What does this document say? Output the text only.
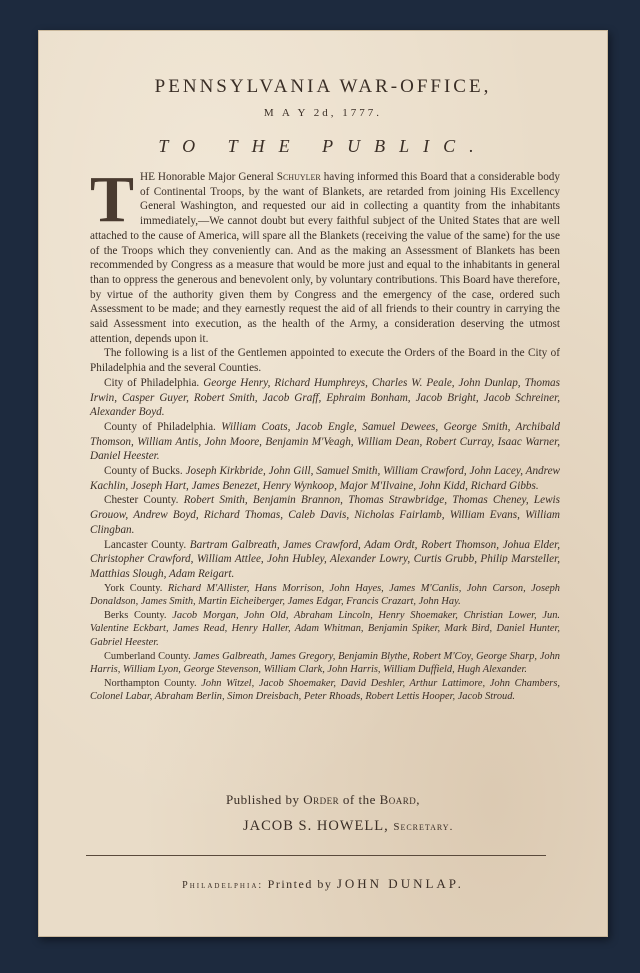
PENNSYLVANIA WAR-OFFICE,
M A Y 2d, 1777.
TO THE PUBLIC.

THE Honorable Major General Schuyler having informed this Board that a considerable body of Continental Troops, by the want of Blankets, are retarded from joining His Excellency General Washington, and requested our aid in collecting a quantity from the inhabitants immediately,—We cannot doubt but every faithful subject of the United States that are well attached to the cause of America, will spare all the Blankets (receiving the value of the same) for the use of the Troops which they conveniently can. And as the making an Assessment of Blankets has been recommended by Congress as a measure that would be more just and equal to the inhabitants in general than to oppress the generous and benevolent only, by voluntary contributions. This Board have therefore, by virtue of the authority given them by Congress and the emergency of the case, ordered such Assessment to be made; and they earnestly request the aid of all friends to their country in carrying the said Assessment into execution, as the health of the Army, a consideration deserving the utmost attention, depends upon it.

The following is a list of the Gentlemen appointed to execute the Orders of the Board in the City of Philadelphia and the several Counties.

City of Philadelphia. George Henry, Richard Humphreys, Charles W. Peale, John Dunlap, Thomas Irwin, Casper Guyer, Robert Smith, Jacob Graff, Ephraim Bonham, Jacob Bright, Jacob Schreiner, Alexander Boyd.

County of Philadelphia. William Coats, Jacob Engle, Samuel Dewees, George Smith, Archibald Thomson, William Antis, John Moore, Benjamin M'Veagh, William Dean, Robert Curray, Isaac Warner, Daniel Heester.

County of Bucks. Joseph Kirkbride, John Gill, Samuel Smith, William Crawford, John Lacey, Andrew Kachlin, Joseph Hart, James Benezet, Henry Wynkoop, Major M'Ilvaine, John Kidd, Richard Gibbs.

Chester County. Robert Smith, Benjamin Brannon, Thomas Strawbridge, Thomas Cheney, Lewis Grouow, Andrew Boyd, Richard Thomas, Caleb Davis, Nicholas Fairlamb, William Evans, William Clingban.

Lancaster County. Bartram Galbreath, James Crawford, Adam Ordt, Robert Thomson, Johua Elder, Christopher Crawford, William Attlee, John Hubley, Alexander Lowry, Curtis Grubb, Philip Marsteller, Matthias Slough, Adam Reigart.

York County. Richard M'Allister, Hans Morrison, John Hayes, James M'Canlis, John Carson, Joseph Donaldson, James Smith, Martin Eicheiberger, James Edgar, Francis Crazart, John Hay.

Berks County. Jacob Morgan, John Old, Abraham Lincoln, Henry Shoemaker, Christian Lower, Jun. Valentine Eckbart, James Read, Henry Haller, Adam Whitman, Benjamin Spiker, Mark Bird, Daniel Hunter, Gabriel Heester.

Cumberland County. James Galbreath, James Gregory, Benjamin Blythe, Robert M'Coy, George Sharp, John Harris, William Lyon, George Stevenson, William Clark, John Harris, William Duffield, Hugh Alexander.

Northampton County. John Witzel, Jacob Shoemaker, David Deshler, Arthur Lattimore, John Chambers, Colonel Labar, Abraham Berlin, Simon Dreisbach, Peter Rhoads, Robert Lettis Hooper, Jacob Stroud.

Published by Order of the Board,
JACOB S. HOWELL, Secretary.
Philadelphia: Printed by JOHN DUNLAP.
